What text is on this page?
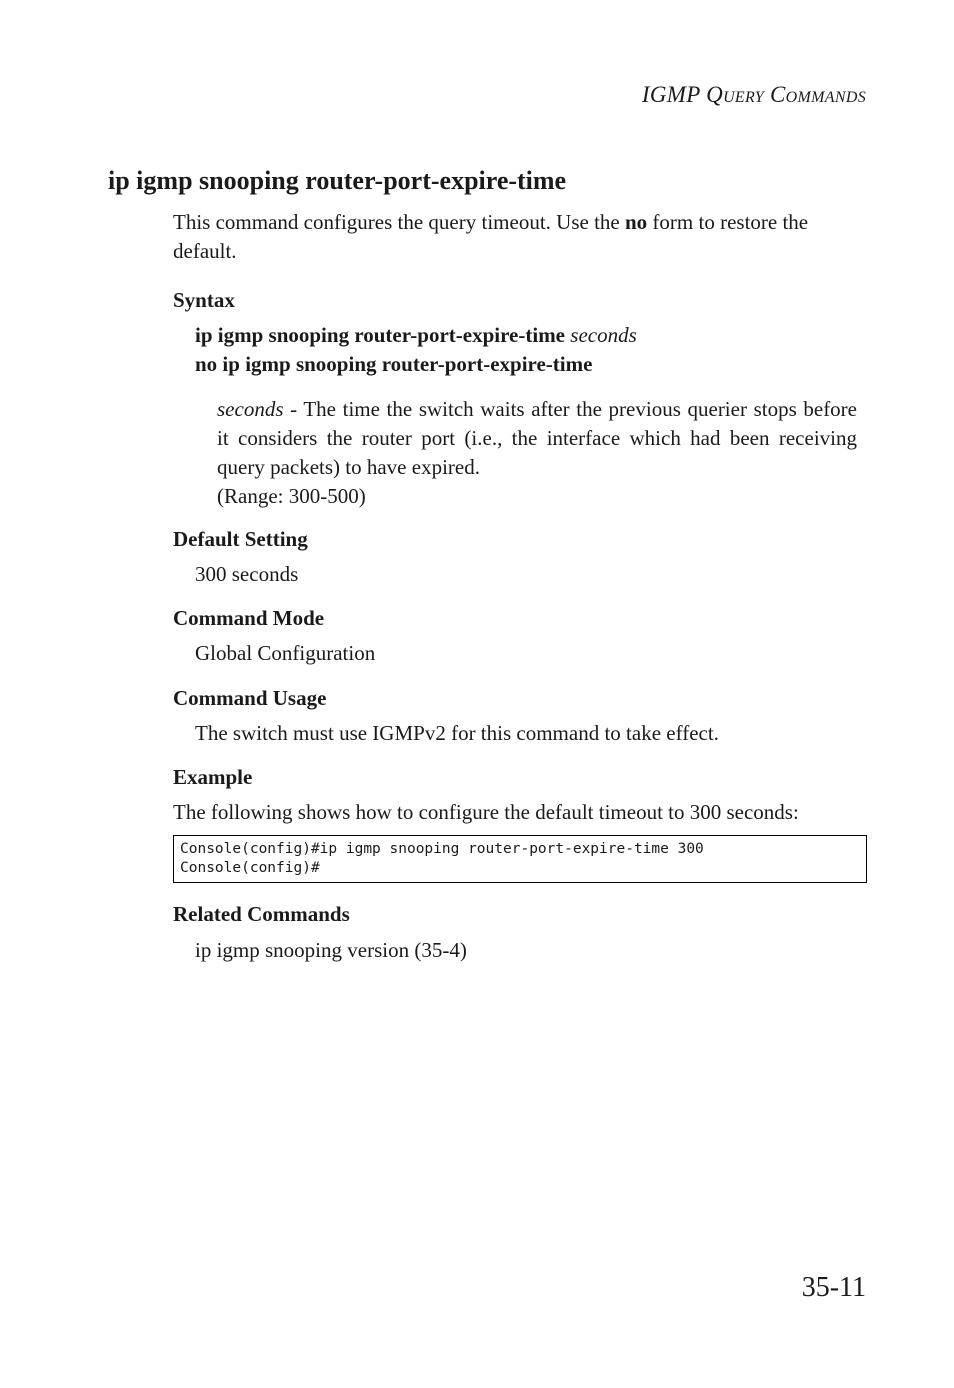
IGMP Query Commands
ip igmp snooping router-port-expire-time
This command configures the query timeout. Use the no form to restore the default.
Syntax
ip igmp snooping router-port-expire-time seconds
no ip igmp snooping router-port-expire-time
seconds - The time the switch waits after the previous querier stops before it considers the router port (i.e., the interface which had been receiving query packets) to have expired.
(Range: 300-500)
Default Setting
300 seconds
Command Mode
Global Configuration
Command Usage
The switch must use IGMPv2 for this command to take effect.
Example
The following shows how to configure the default timeout to 300 seconds:
Console(config)#ip igmp snooping router-port-expire-time 300
Console(config)#
Related Commands
ip igmp snooping version (35-4)
35-11
